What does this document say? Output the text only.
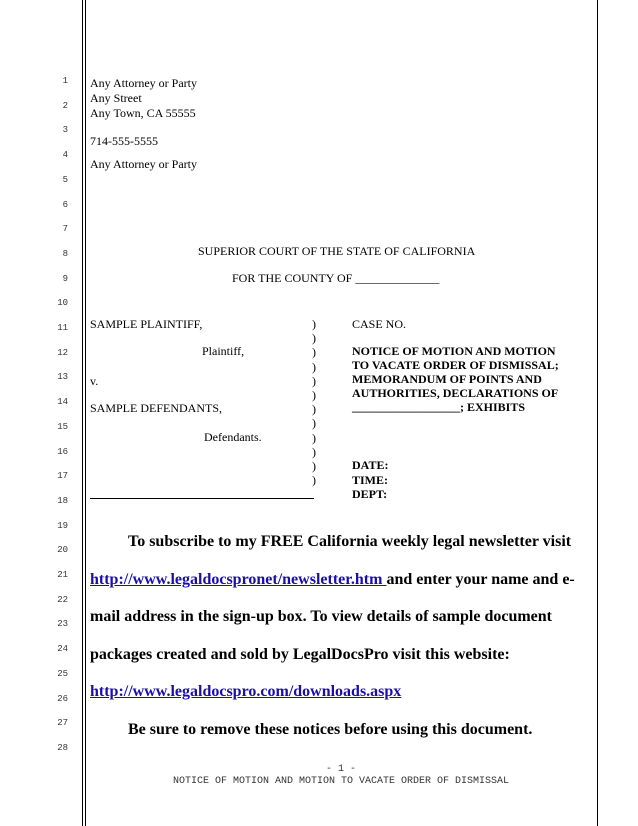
1
2
3
4
5
6
7
8
9
10
11
12
13
14
15
16
17
18
19
20
21
22
23
24
25
26
27
28
Any Attorney or Party
Any Street
Any Town, CA 55555
714-555-5555
Any Attorney or Party
SUPERIOR COURT OF THE STATE OF CALIFORNIA
FOR THE COUNTY OF ______________
SAMPLE PLAINTIFF,
Plaintiff,
v.
SAMPLE DEFENDANTS,
Defendants.
)
)
)
)
)
)
)
)
)
)
)
)
CASE NO.
NOTICE OF MOTION AND MOTION
TO VACATE ORDER OF DISMISSAL;
MEMORANDUM OF POINTS AND
AUTHORITIES, DECLARATIONS OF
__________________; EXHIBITS
DATE:
TIME:
DEPT:
To subscribe to my FREE California weekly legal newsletter visit
http://www.legaldocspronet/newsletter.htm and enter your name and e-
mail address in the sign-up box. To view details of sample document
packages created and sold by LegalDocsPro visit this website:
http://www.legaldocspro.com/downloads.aspx
Be sure to remove these notices before using this document.
- 1 -
NOTICE OF MOTION AND MOTION TO VACATE ORDER OF DISMISSAL
